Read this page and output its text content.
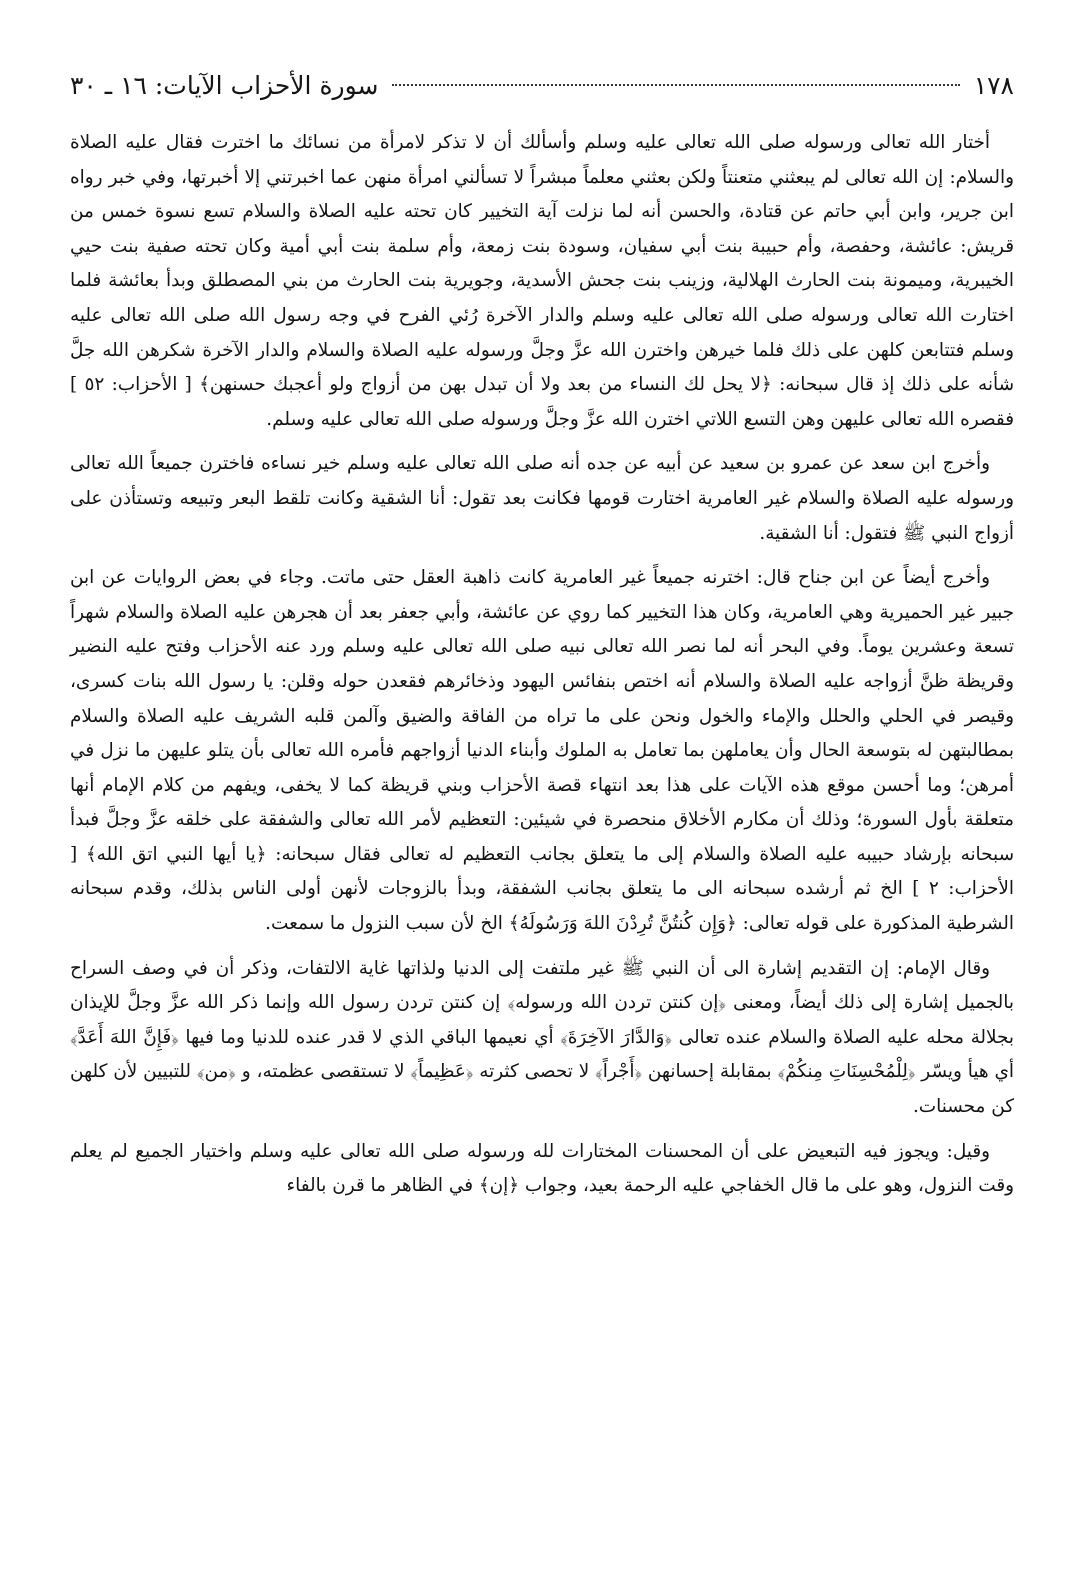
١٧٨
سورة الأحزاب الآيات: ١٦ ـ ٣٠

أختار الله تعالى ورسوله صلى الله تعالى عليه وسلم وأسألك أن لا تذكر لامرأة من نسائك ما اخترت فقال عليه الصلاة والسلام: إن الله تعالى لم يبعثني متعنتاً ولكن بعثني معلماً مبشراً لا تسألني امرأة منهن عما اخبرتني إلا أخبرتها، وفي خبر رواه ابن جرير، وابن أبي حاتم عن قتادة، والحسن أنه لما نزلت آية التخيير كان تحته عليه الصلاة والسلام تسع نسوة خمس من قريش: عائشة، وحفصة، وأم حبيبة بنت أبي سفيان، وسودة بنت زمعة، وأم سلمة بنت أبي أمية وكان تحته صفية بنت حيي الخيبرية، وميمونة بنت الحارث الهلالية، وزينب بنت جحش الأسدية، وجويرية بنت الحارث من بني المصطلق وبدأ بعائشة فلما اختارت الله تعالى ورسوله صلى الله تعالى عليه وسلم والدار الآخرة رُئي الفرح في وجه رسول الله صلى الله تعالى عليه وسلم فتتابعن كلهن على ذلك فلما خيرهن واخترن الله عزَّ وجلَّ ورسوله عليه الصلاة والسلام والدار الآخرة شكرهن الله جلَّ شأنه على ذلك إذ قال سبحانه: ﴿لا يحل لك النساء من بعد ولا أن تبدل بهن من أزواج ولو أعجبك حسنهن﴾ [ الأحزاب: ٥٢ ] فقصره الله تعالى عليهن وهن التسع اللاتي اخترن الله عزَّ وجلَّ ورسوله صلى الله تعالى عليه وسلم.

وأخرج ابن سعد عن عمرو بن سعيد عن أبيه عن جده أنه صلى الله تعالى عليه وسلم خير نساءه فاخترن جميعاً الله تعالى ورسوله عليه الصلاة والسلام غير العامرية اختارت قومها فكانت بعد تقول: أنا الشقية وكانت تلقط البعر وتبيعه وتستأذن على أزواج النبي ﷺ فتقول: أنا الشقية.

وأخرج أيضاً عن ابن جناح قال: اخترنه جميعاً غير العامرية كانت ذاهبة العقل حتى ماتت. وجاء في بعض الروايات عن ابن جبير غير الحميرية وهي العامرية، وكان هذا التخيير كما روي عن عائشة، وأبي جعفر بعد أن هجرهن عليه الصلاة والسلام شهراً تسعة وعشرين يوماً. وفي البحر أنه لما نصر الله تعالى نبيه صلى الله تعالى عليه وسلم ورد عنه الأحزاب وفتح عليه النضير وقريظة ظنَّ أزواجه عليه الصلاة والسلام أنه اختص بنفائس اليهود وذخائرهم فقعدن حوله وقلن: يا رسول الله بنات كسرى، وقيصر في الحلي والحلل والإماء والخول ونحن على ما تراه من الفاقة والضيق وآلمن قلبه الشريف عليه الصلاة والسلام بمطالبتهن له بتوسعة الحال وأن يعاملهن بما تعامل به الملوك وأبناء الدنيا أزواجهم فأمره الله تعالى بأن يتلو عليهن ما نزل في أمرهن؛ وما أحسن موقع هذه الآيات على هذا بعد انتهاء قصة الأحزاب وبني قريظة كما لا يخفى، ويفهم من كلام الإمام أنها متعلقة بأول السورة؛ وذلك أن مكارم الأخلاق منحصرة في شيئين: التعظيم لأمر الله تعالى والشفقة على خلقه عزَّ وجلَّ فبدأ سبحانه بإرشاد حبيبه عليه الصلاة والسلام إلى ما يتعلق بجانب التعظيم له تعالى فقال سبحانه: ﴿يا أيها النبي اتق الله﴾ [ الأحزاب: ٢ ] الخ ثم أرشده سبحانه الى ما يتعلق بجانب الشفقة، وبدأ بالزوجات لأنهن أولى الناس بذلك، وقدم سبحانه الشرطية المذكورة على قوله تعالى: ﴿وَإِن كُنتُنَّ تُرِدْنَ اللهَ وَرَسُولَهُ﴾ الخ لأن سبب النزول ما سمعت.

وقال الإمام: إن التقديم إشارة الى أن النبي ﷺ غير ملتفت إلى الدنيا ولذاتها غاية الالتفات، وذكر أن في وصف السراح بالجميل إشارة إلى ذلك أيضاً، ومعنى ﴿إن كنتن تردن الله ورسوله﴾ إن كنتن تردن رسول الله وإنما ذكر الله عزَّ وجلَّ للإيذان بجلالة محله عليه الصلاة والسلام عنده تعالى ﴿وَالدَّارَ الآخِرَةَ﴾ أي نعيمها الباقي الذي لا قدر عنده للدنيا وما فيها ﴿فَإِنَّ اللهَ أَعَدَّ﴾ أي هيأ ويسّر ﴿لِلْمُحْسِنَاتِ مِنكُمْ﴾ بمقابلة إحسانهن ﴿أَجْراً﴾ لا تحصى كثرته ﴿عَظِيماً﴾ لا تستقصى عظمته، و ﴿من﴾ للتبيين لأن كلهن كن محسنات.

وقيل: ويجوز فيه التبعيض على أن المحسنات المختارات لله ورسوله صلى الله تعالى عليه وسلم واختيار الجميع لم يعلم وقت النزول، وهو على ما قال الخفاجي عليه الرحمة بعيد، وجواب ﴿إن﴾ في الظاهر ما قرن بالفاء
